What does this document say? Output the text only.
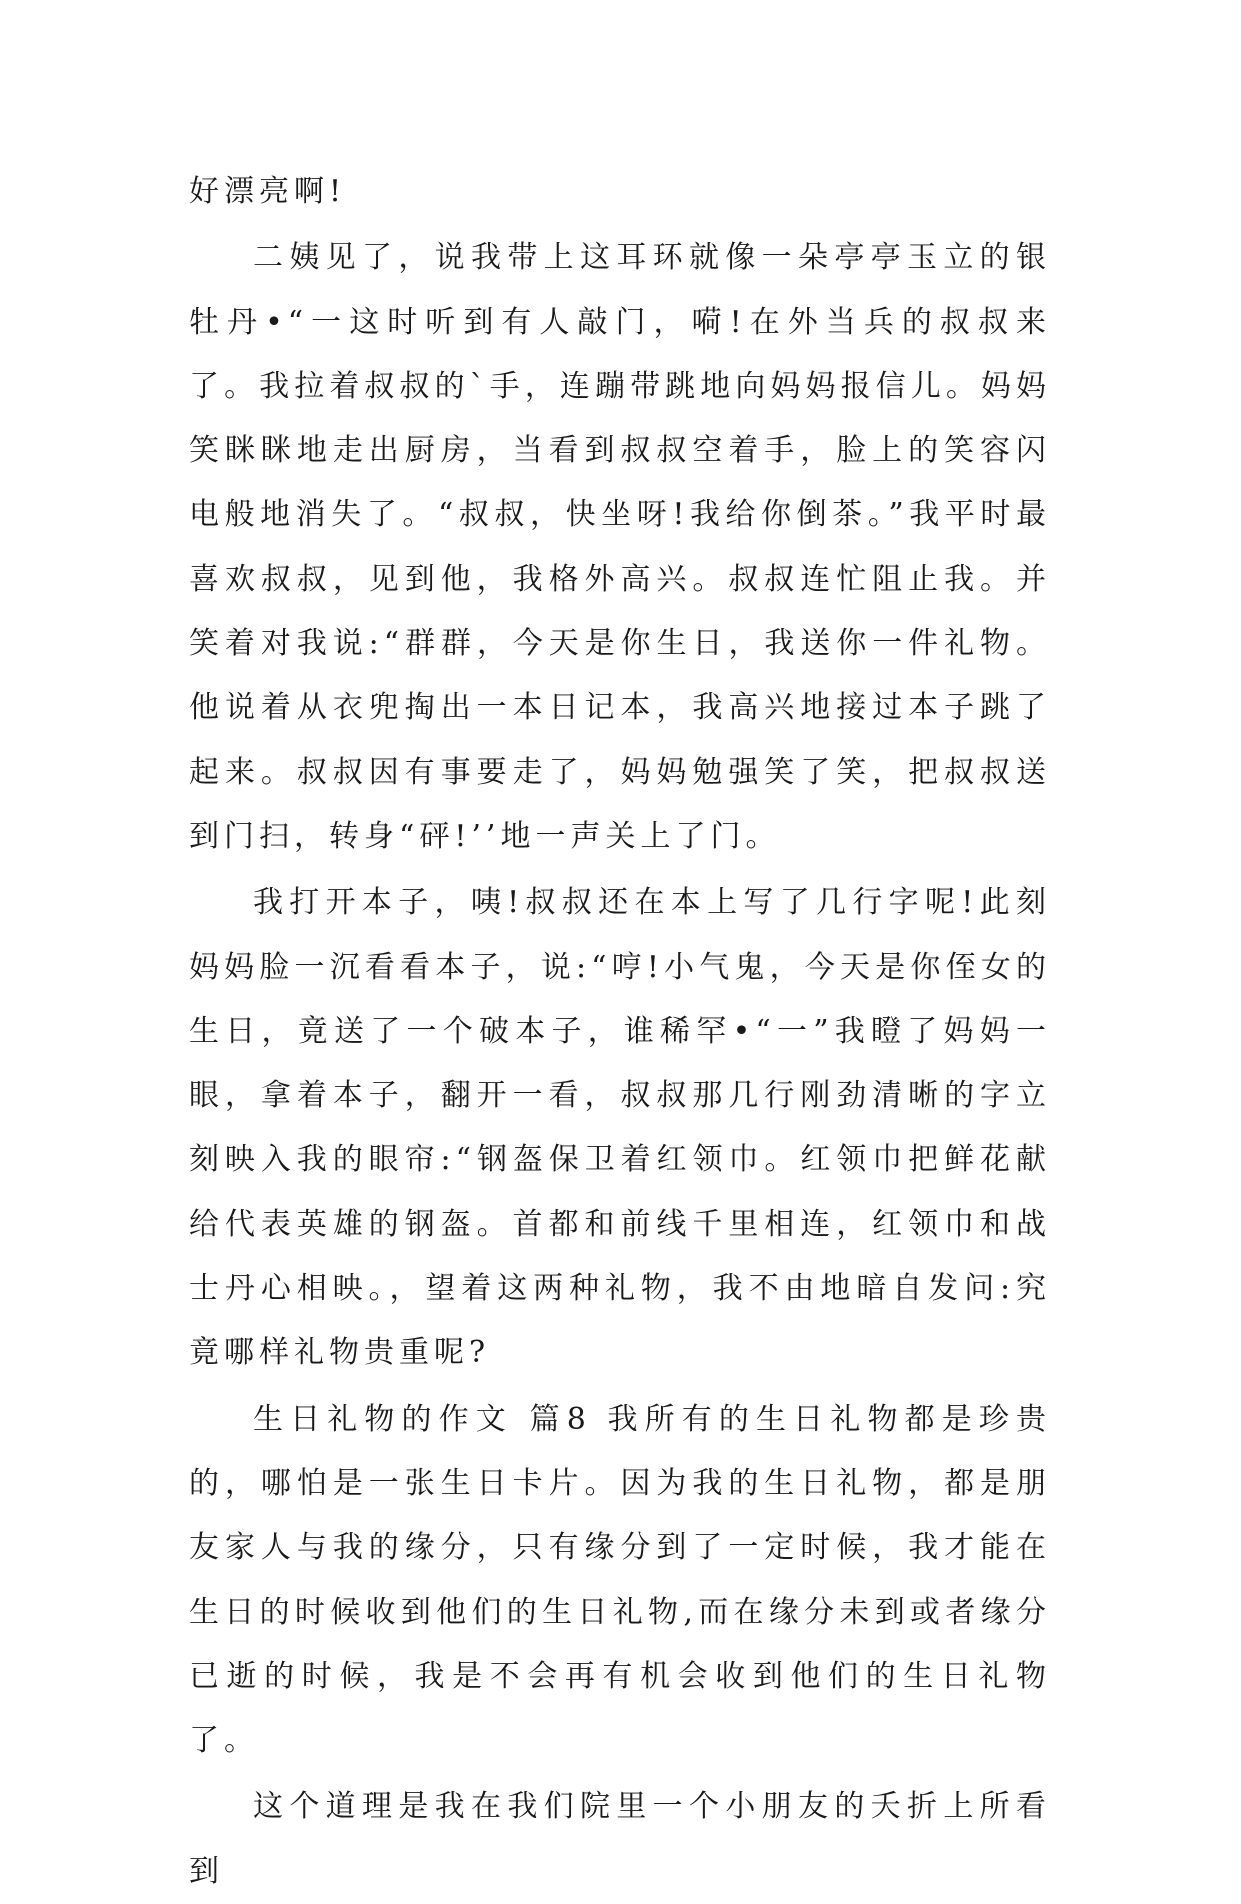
好漂亮啊!

二姨见了，说我带上这耳环就像一朵亭亭玉立的银牡丹•“一这时听到有人敲门，嗬!在外当兵的叔叔来了。我拉着叔叔的`手，连蹦带跳地向妈妈报信儿。妈妈笑眯眯地走出厨房，当看到叔叔空着手，脸上的笑容闪电般地消失了。“叔叔，快坐呀!我给你倒茶。”我平时最喜欢叔叔，见到他，我格外高兴。叔叔连忙阻止我。并笑着对我说:“群群，今天是你生日，我送你一件礼物。他说着从衣兜掏出一本日记本，我高兴地接过本子跳了起来。叔叔因有事要走了，妈妈勉强笑了笑，把叔叔送到门扫，转身“砰!’’地一声关上了门。

我打开本子，咦!叔叔还在本上写了几行字呢!此刻妈妈脸一沉看看本子，说:“哼!小气鬼，今天是你侄女的生日，竟送了一个破本子，谁稀罕•“一”我瞪了妈妈一眼，拿着本子，翻开一看，叔叔那几行刚劲清晰的字立刻映入我的眼帘:“钢盔保卫着红领巾。红领巾把鲜花献给代表英雄的钢盔。首都和前线千里相连，红领巾和战士丹心相映。，望着这两种礼物，我不由地暗自发问:究竟哪样礼物贵重呢?

生日礼物的作文 篇8 我所有的生日礼物都是珍贵的，哪怕是一张生日卡片。因为我的生日礼物，都是朋友家人与我的缘分，只有缘分到了一定时候，我才能在生日的时候收到他们的生日礼物,而在缘分未到或者缘分已逝的时候，我是不会再有机会收到他们的生日礼物了。

这个道理是我在我们院里一个小朋友的夭折上所看到
